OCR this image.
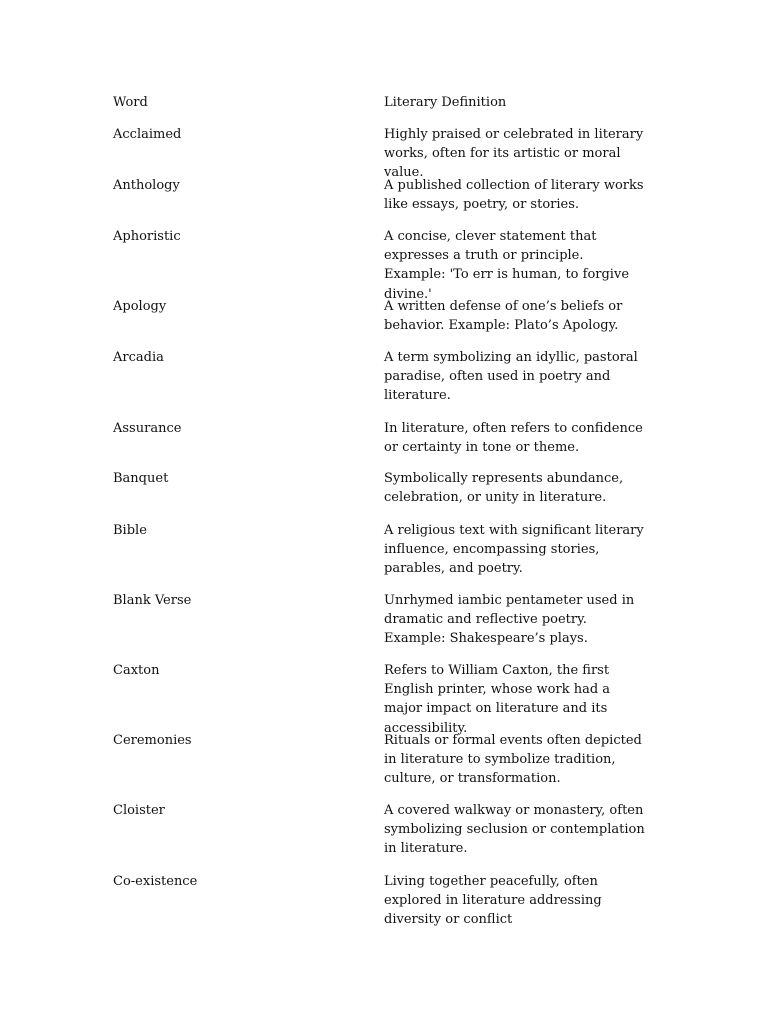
Word	Literary Definition
Acclaimed	Highly praised or celebrated in literary works, often for its artistic or moral value.
Anthology	A published collection of literary works like essays, poetry, or stories.
Aphoristic	A concise, clever statement that expresses a truth or principle. Example: 'To err is human, to forgive divine.'
Apology	A written defense of one’s beliefs or behavior. Example: Plato’s Apology.
Arcadia	A term symbolizing an idyllic, pastoral paradise, often used in poetry and literature.
Assurance	In literature, often refers to confidence or certainty in tone or theme.
Banquet	Symbolically represents abundance, celebration, or unity in literature.
Bible	A religious text with significant literary influence, encompassing stories, parables, and poetry.
Blank Verse	Unrhymed iambic pentameter used in dramatic and reflective poetry. Example: Shakespeare’s plays.
Caxton	Refers to William Caxton, the first English printer, whose work had a major impact on literature and its accessibility.
Ceremonies	Rituals or formal events often depicted in literature to symbolize tradition, culture, or transformation.
Cloister	A covered walkway or monastery, often symbolizing seclusion or contemplation in literature.
Co-existence	Living together peacefully, often explored in literature addressing diversity or conflict
